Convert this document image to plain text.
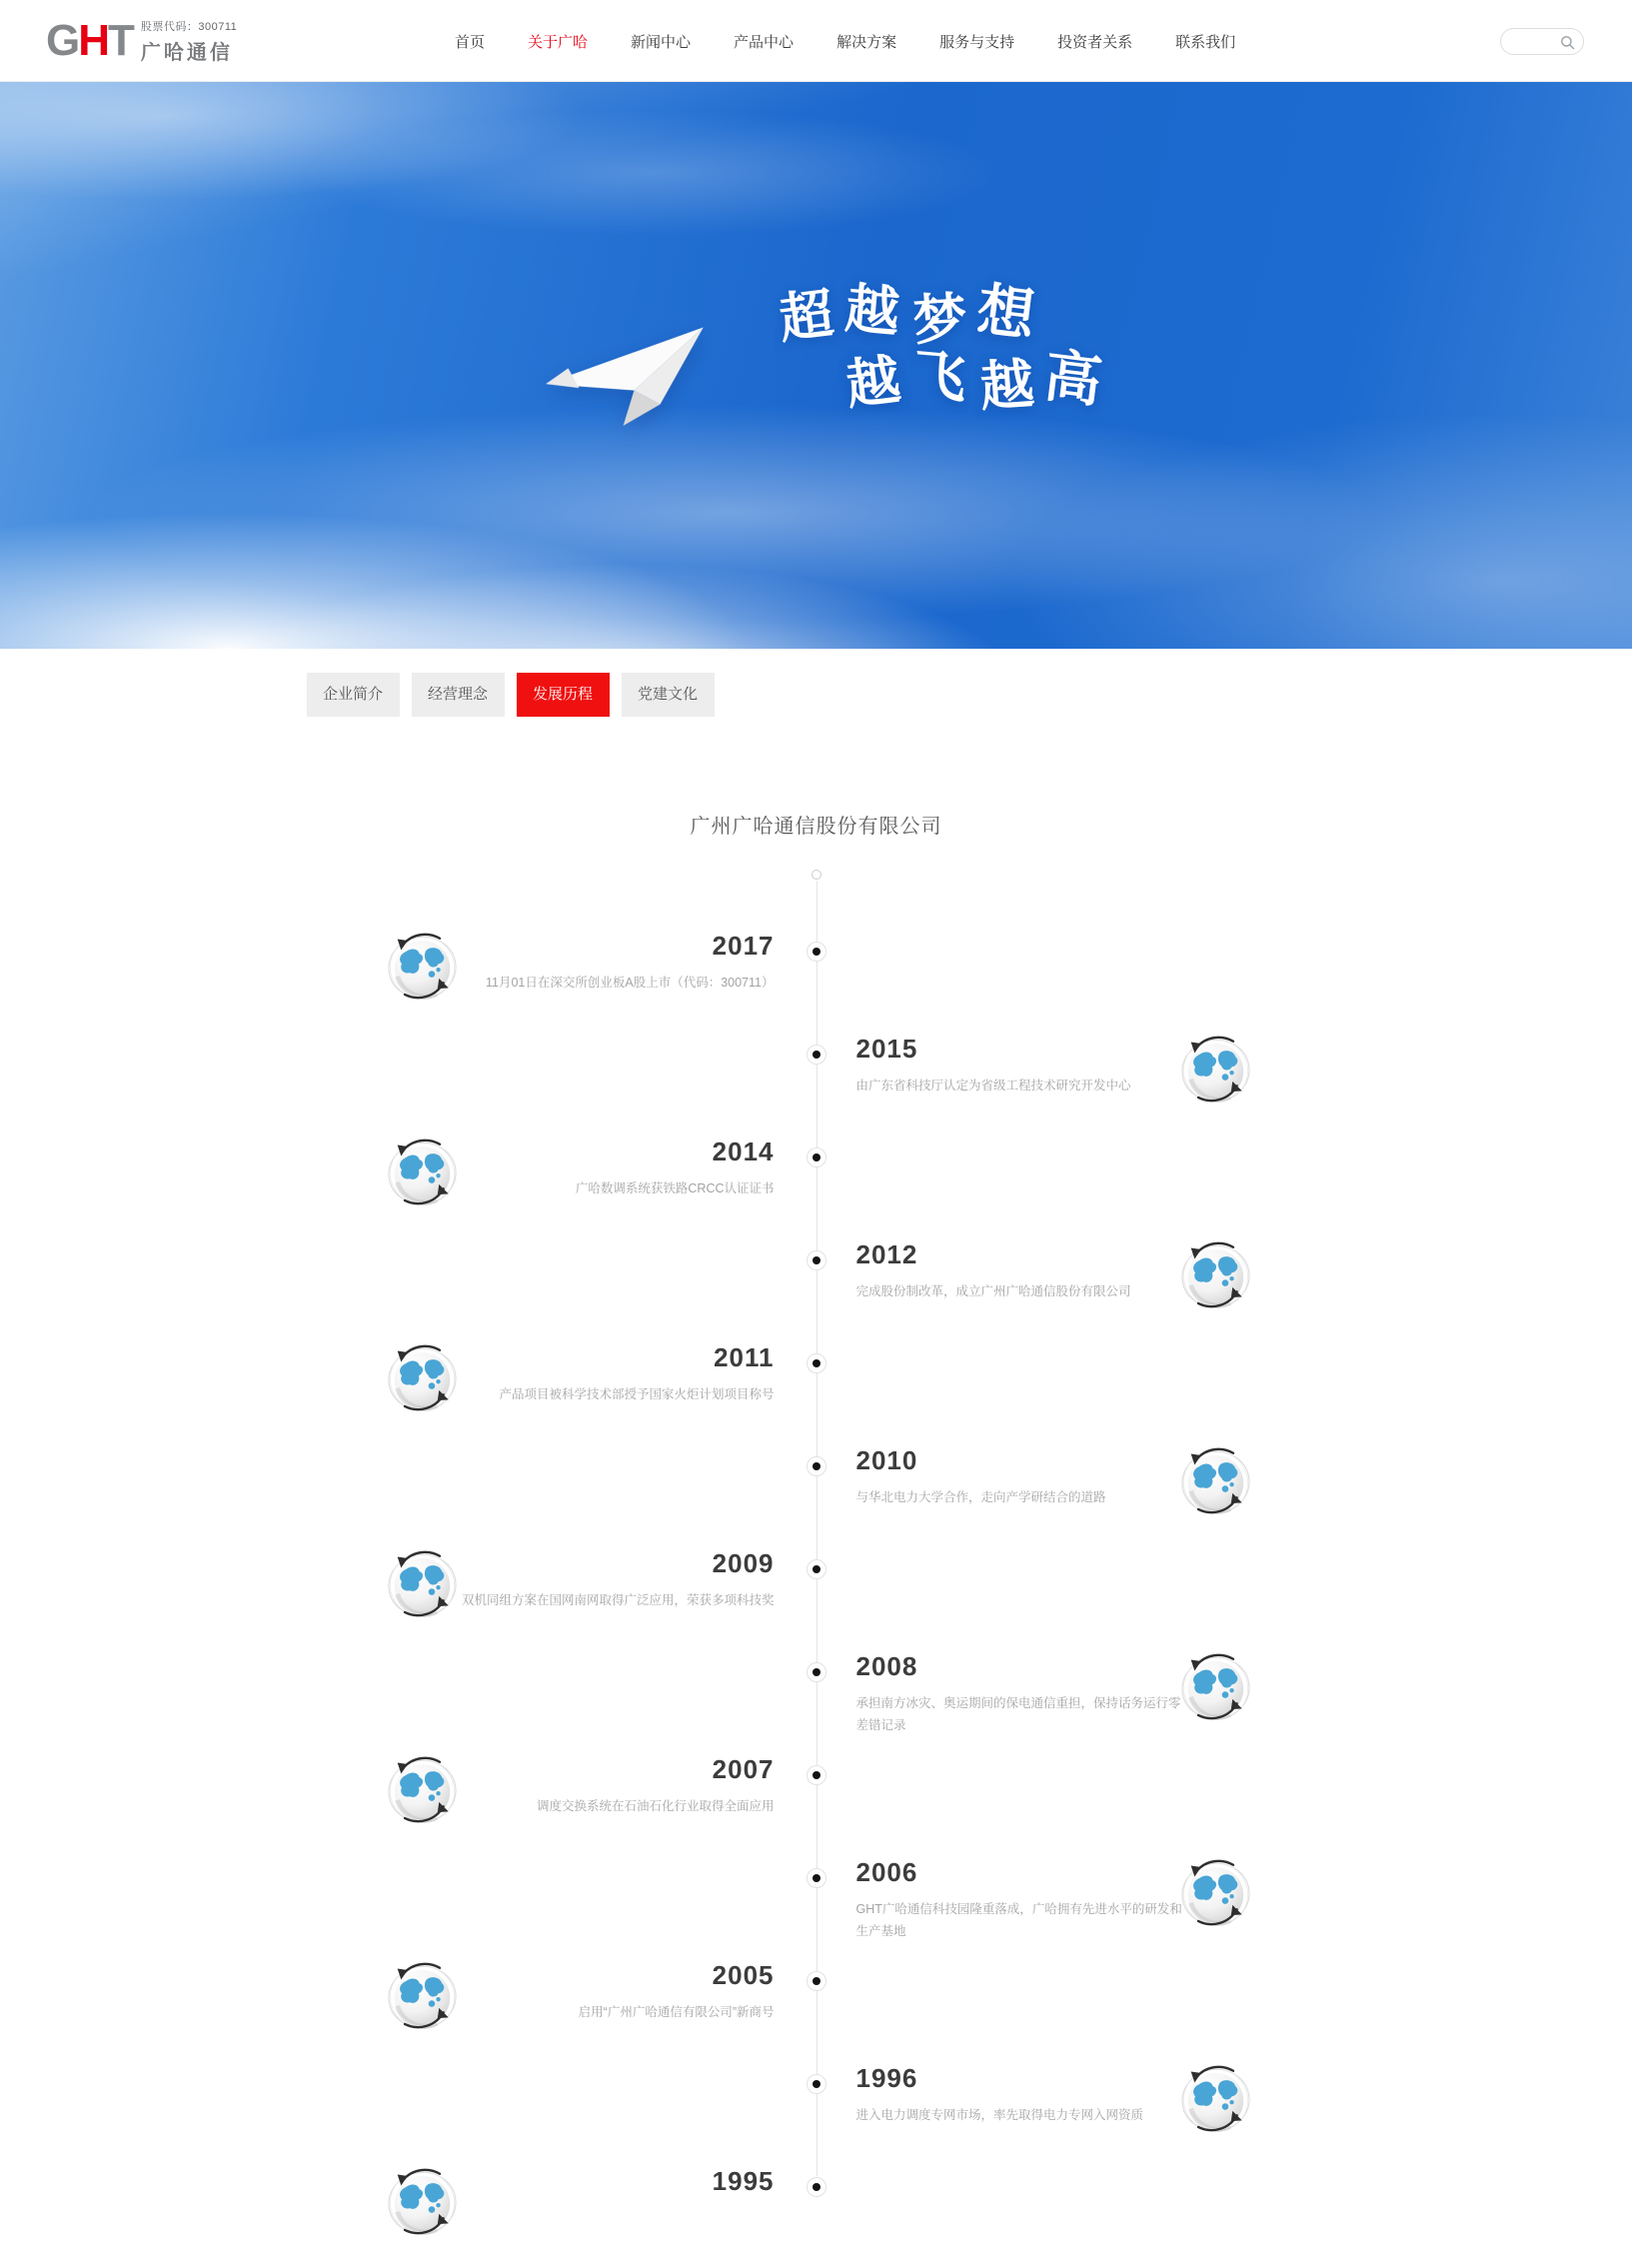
GHT 股票代码：300711
广哈通信	首页	关于广哈	新闻中心	产品中心	解决方案	服务与支持	投资者关系	联系我们
超 越 梦想
越 飞 越高
企业简介	经营理念	发展历程	党建文化
广州广哈通信股份有限公司
2017
11月01日在深交所创业板A股上市（代码：300711）
2015
由广东省科技厅认定为省级工程技术研究开发中心
2014
广哈数调系统获铁路CRCC认证证书
2012
完成股份制改革，成立广州广哈通信股份有限公司
2011
产品项目被科学技术部授予国家火炬计划项目称号
2010
与华北电力大学合作，走向产学研结合的道路
2009
双机同组方案在国网南网取得广泛应用，荣获多项科技奖
2008
承担南方冰灾、奥运期间的保电通信重担，保持话务运行零差错记录
2007
调度交换系统在石油石化行业取得全面应用
2006
GHT广哈通信科技园隆重落成，广哈拥有先进水平的研发和生产基地
2005
启用“广州广哈通信有限公司”新商号
1996
进入电力调度专网市场，率先取得电力专网入网资质
1995
